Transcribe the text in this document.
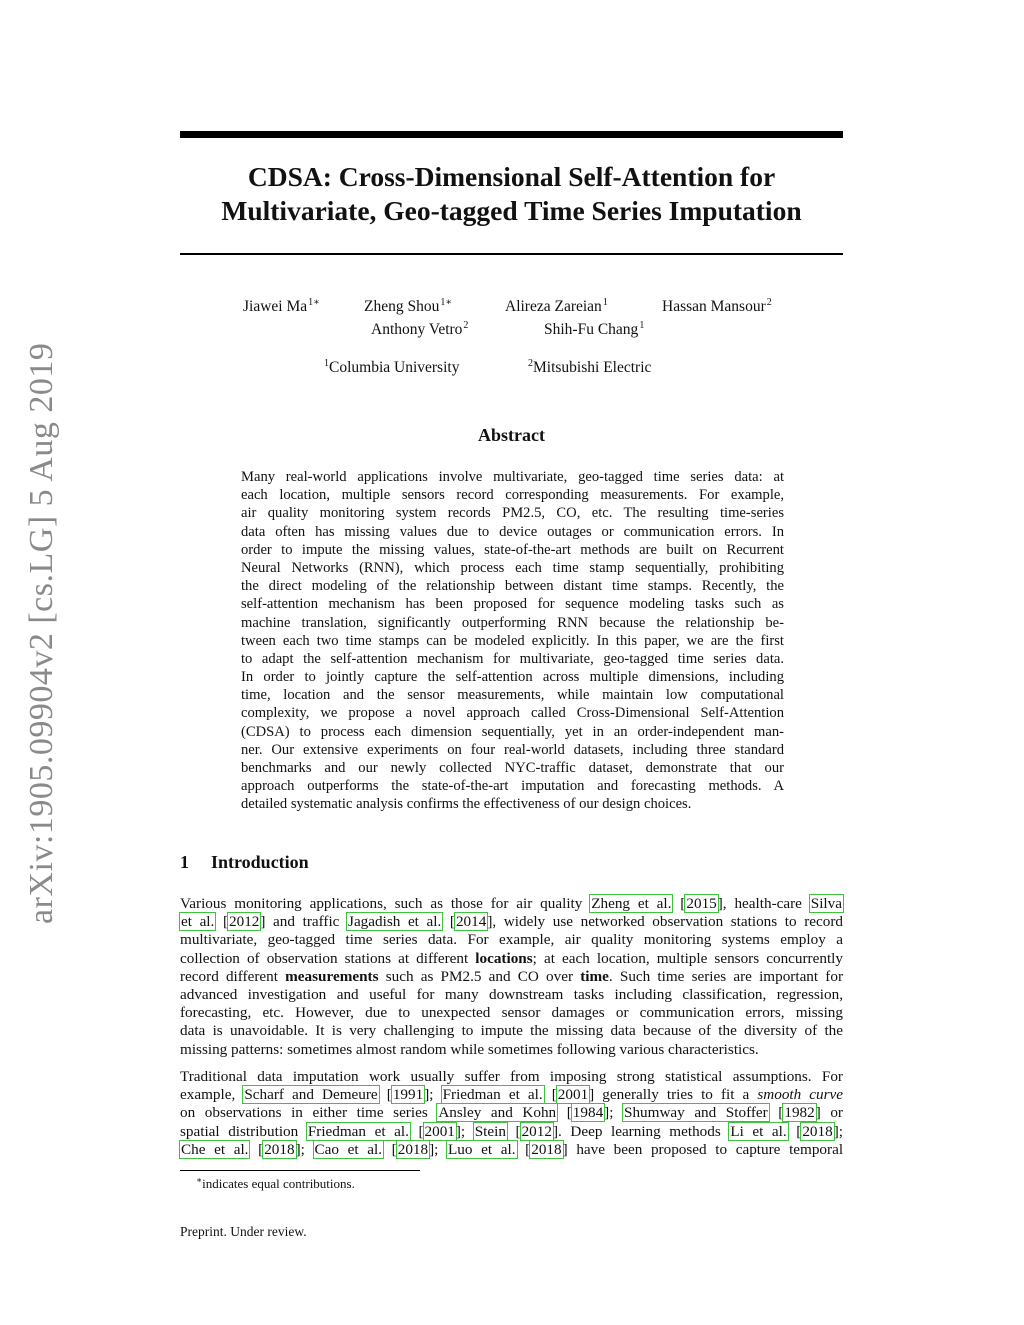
arXiv:1905.09904v2 [cs.LG] 5 Aug 2019
CDSA: Cross-Dimensional Self-Attention for
Multivariate, Geo-tagged Time Series Imputation
Jiawei $Ma^{1∗}$	Zheng Shou$^{1∗}$	Alireza Zareian$^1$	Hassan Mansour$^2$
Anthony Vetro$^2$	Shih-Fu Chang$^1$
$^1$Columbia University	$^2$Mitsubishi Electric
Abstract
Many real-world applications involve multivariate, geo-tagged time series data: at
each location, multiple sensors record corresponding measurements. For example,
air quality monitoring system records PM2.5, CO, etc. The resulting time-series
data often has missing values due to device outages or communication errors. In
order to impute the missing values, state-of-the-art methods are built on Recurrent
Neural Networks (RNN), which process each time stamp sequentially, prohibiting
the direct modeling of the relationship between distant time stamps. Recently, the
self-attention mechanism has been proposed for sequence modeling tasks such as
machine translation, significantly outperforming RNN because the relationship be-
tween each two time stamps can be modeled explicitly. In this paper, we are the first
to adapt the self-attention mechanism for multivariate, geo-tagged time series data.
In order to jointly capture the self-attention across multiple dimensions, including
time, location and the sensor measurements, while maintain low computational
complexity, we propose a novel approach called Cross-Dimensional Self-Attention
(CDSA) to process each dimension sequentially, yet in an order-independent man-
ner. Our extensive experiments on four real-world datasets, including three standard
benchmarks and our newly collected NYC-traffic dataset, demonstrate that our
approach outperforms the state-of-the-art imputation and forecasting methods. A
detailed systematic analysis confirms the effectiveness of our design choices.
1 Introduction
Various monitoring applications, such as those for air quality Zheng et al. [2015], health-care Silva
et al. [2012] and traffic Jagadish et al. [2014], widely use networked observation stations to record
multivariate, geo-tagged time series data. For example, air quality monitoring systems employ a
collection of observation stations at different locations; at each location, multiple sensors concurrently
record different measurements such as PM2.5 and CO over time. Such time series are important for
advanced investigation and useful for many downstream tasks including classification, regression,
forecasting, etc. However, due to unexpected sensor damages or communication errors, missing
data is unavoidable. It is very challenging to impute the missing data because of the diversity of the
missing patterns: sometimes almost random while sometimes following various characteristics.
Traditional data imputation work usually suffer from imposing strong statistical assumptions. For
example, Scharf and Demeure [1991]; Friedman et al. [2001] generally tries to fit a smooth curve
on observations in either time series Ansley and Kohn [1984]; Shumway and Stoffer [1982] or
spatial distribution Friedman et al. [2001]; Stein [2012]. Deep learning methods Li et al. [2018];
Che et al. [2018]; Cao et al. [2018]; Luo et al. [2018] have been proposed to capture temporal
∗indicates equal contributions.
Preprint. Under review.
